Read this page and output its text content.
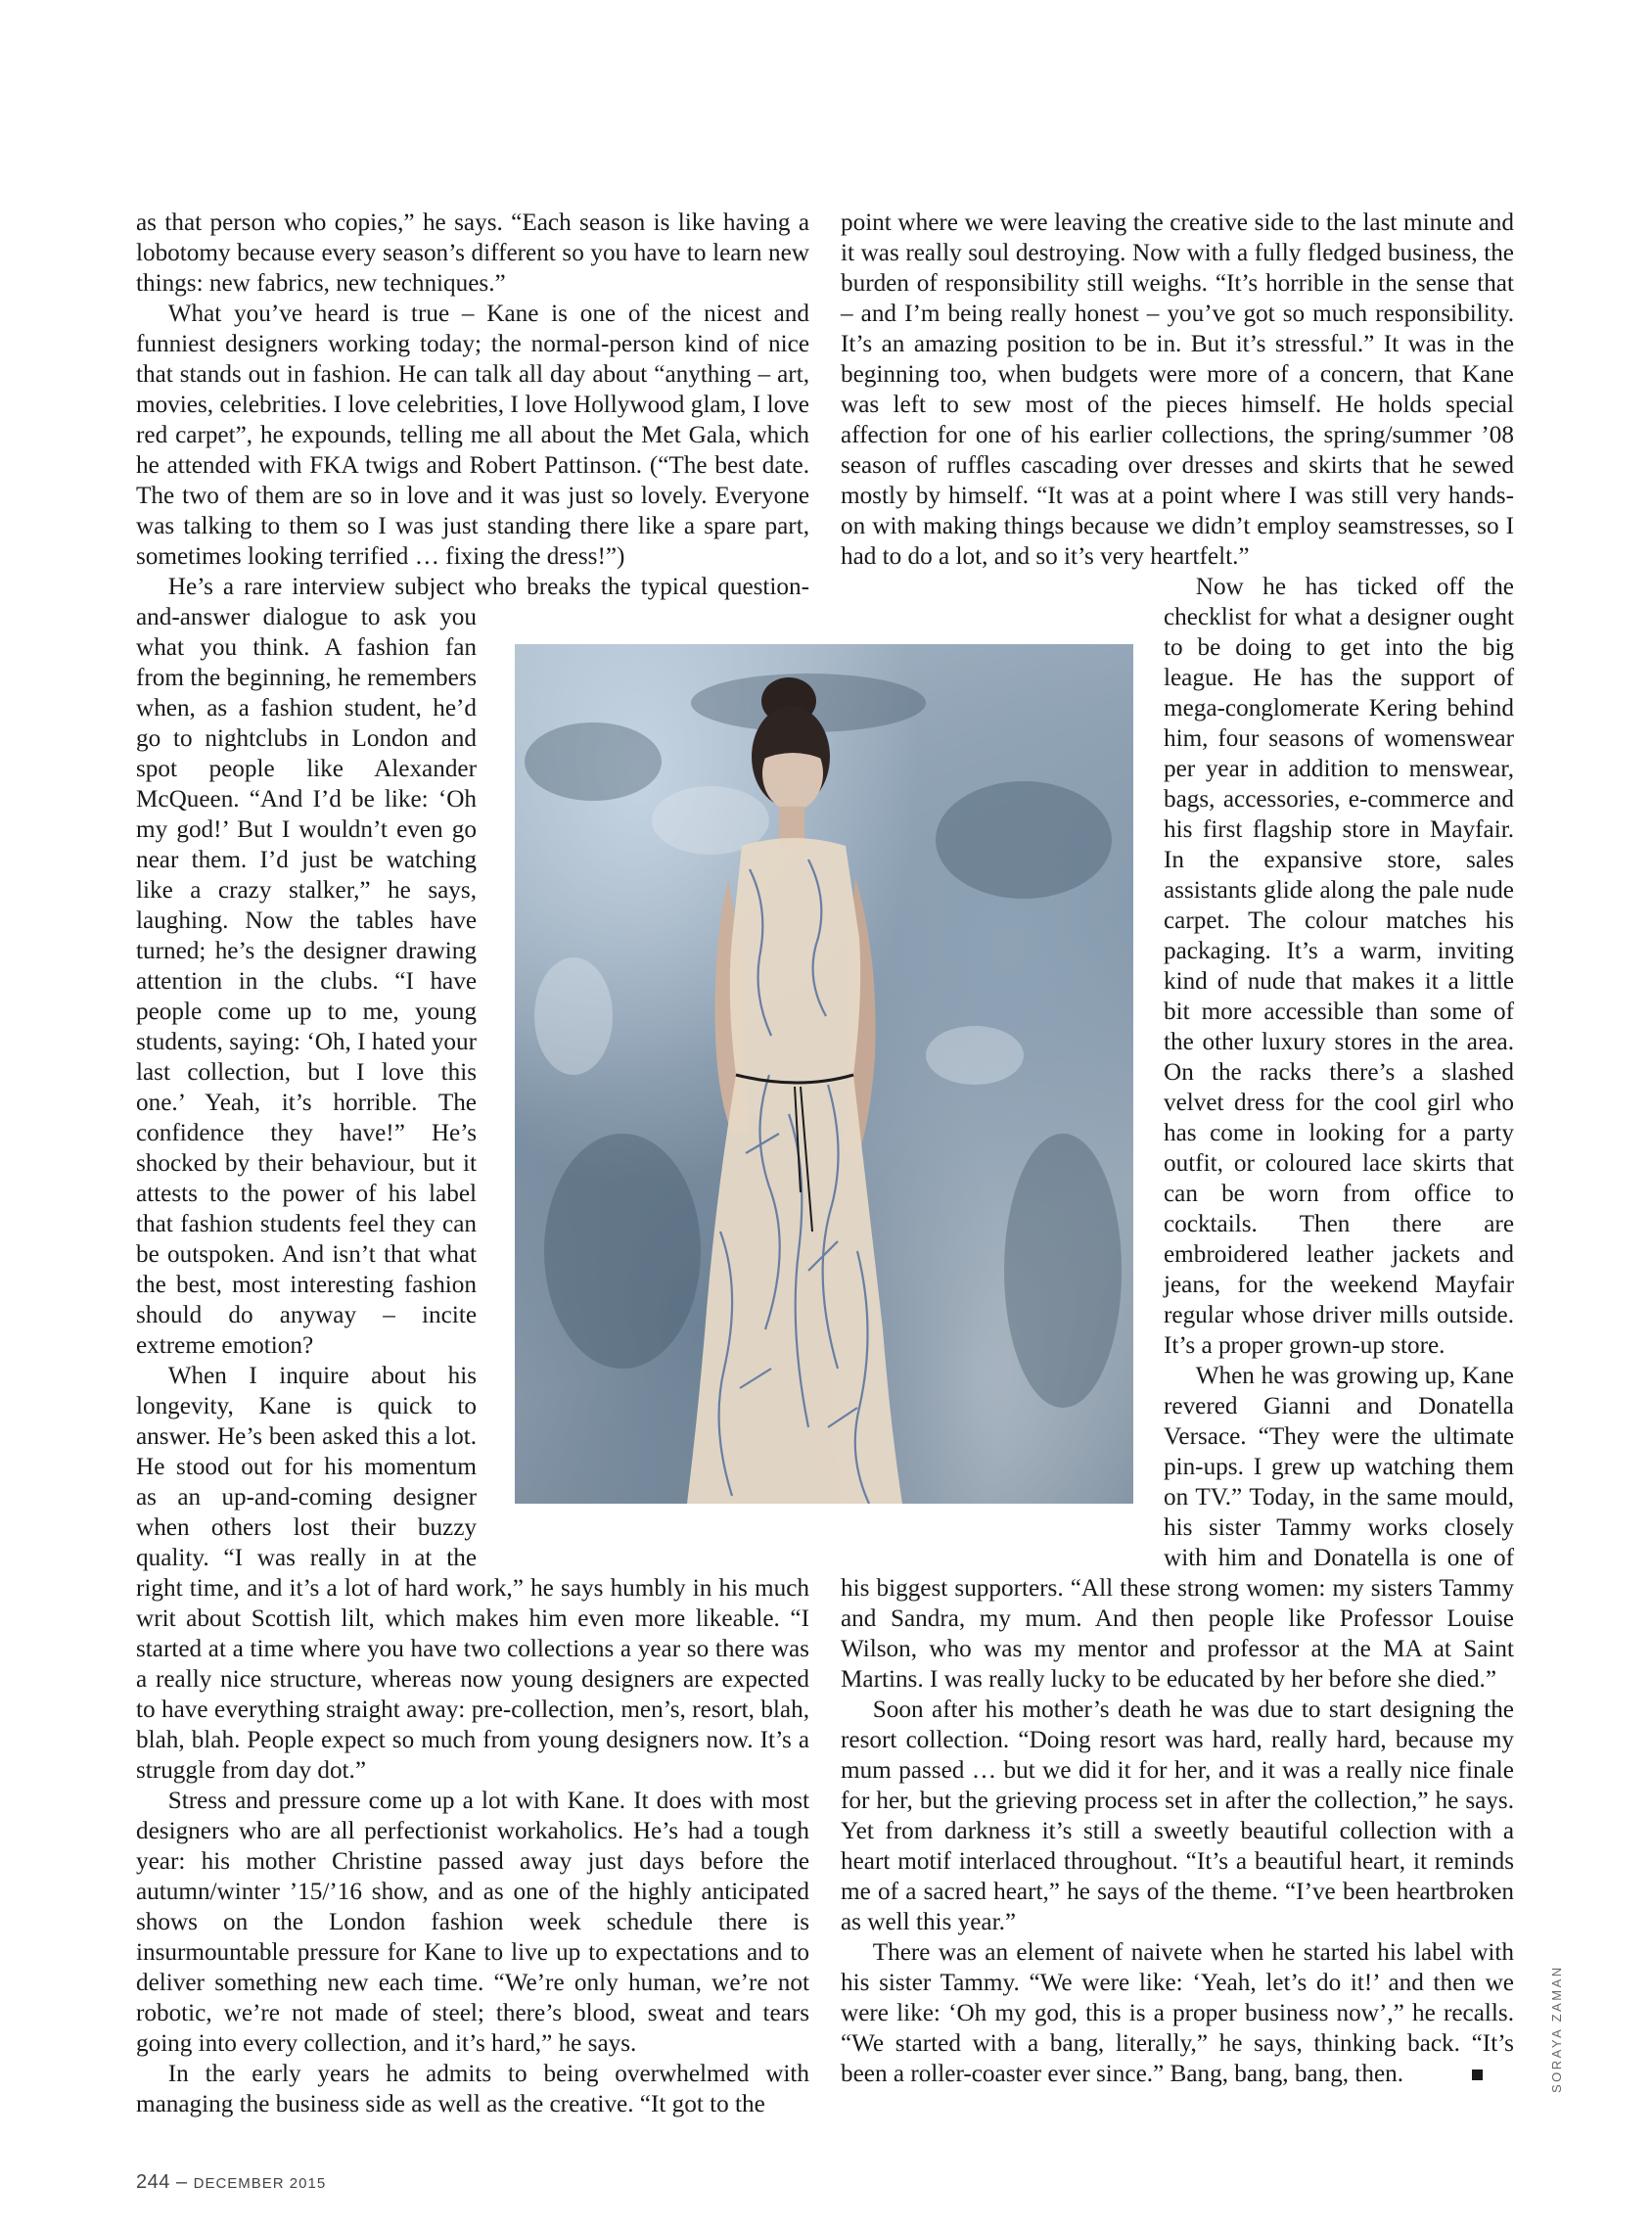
as that person who copies,” he says. “Each season is like having a lobotomy because every season’s different so you have to learn new things: new fabrics, new techniques.”

What you’ve heard is true – Kane is one of the nicest and funniest designers working today; the normal-person kind of nice that stands out in fashion. He can talk all day about “anything – art, movies, celebrities. I love celebrities, I love Hollywood glam, I love red carpet”, he expounds, telling me all about the Met Gala, which he attended with FKA twigs and Robert Pattinson. (“The best date. The two of them are so in love and it was just so lovely. Everyone was talking to them so I was just standing there like a spare part, sometimes looking terrified … fixing the dress!”)

He’s a rare interview subject who breaks the typical question-and-answer dialogue to ask you what you think. A fashion fan from the beginning, he remembers when, as a fashion student, he’d go to nightclubs in London and spot people like Alexander McQueen. “And I’d be like: ‘Oh my god!’ But I wouldn’t even go near them. I’d just be watching like a crazy stalker,” he says, laughing. Now the tables have turned; he’s the designer drawing attention in the clubs. “I have people come up to me, young students, saying: ‘Oh, I hated your last collection, but I love this one.’ Yeah, it’s horrible. The confidence they have!” He’s shocked by their behaviour, but it attests to the power of his label that fashion students feel they can be outspoken. And isn’t that what the best, most interesting fashion should do anyway – incite extreme emotion?

When I inquire about his longevity, Kane is quick to answer. He’s been asked this a lot. He stood out for his momentum as an up-and-coming designer when others lost their buzzy quality. “I was really in at the right time, and it’s a lot of hard work,” he says humbly in his much writ about Scottish lilt, which makes him even more likeable. “I started at a time where you have two collections a year so there was a really nice structure, whereas now young designers are expected to have everything straight away: pre-collection, men’s, resort, blah, blah, blah. People expect so much from young designers now. It’s a struggle from day dot.”

Stress and pressure come up a lot with Kane. It does with most designers who are all perfectionist workaholics. He’s had a tough year: his mother Christine passed away just days before the autumn/winter ’15/’16 show, and as one of the highly anticipated shows on the London fashion week schedule there is insurmountable pressure for Kane to live up to expectations and to deliver something new each time. “We’re only human, we’re not robotic, we’re not made of steel; there’s blood, sweat and tears going into every collection, and it’s hard,” he says.

In the early years he admits to being overwhelmed with managing the business side as well as the creative. “It got to the

point where we were leaving the creative side to the last minute and it was really soul destroying. Now with a fully fledged business, the burden of responsibility still weighs. “It’s horrible in the sense that – and I’m being really honest – you’ve got so much responsibility. It’s an amazing position to be in. But it’s stressful.” It was in the beginning too, when budgets were more of a concern, that Kane was left to sew most of the pieces himself. He holds special affection for one of his earlier collections, the spring/summer ’08 season of ruffles cascading over dresses and skirts that he sewed mostly by himself. “It was at a point where I was still very hands-on with making things because we didn’t employ seamstresses, so I had to do a lot, and so it’s very heartfelt.”

Now he has ticked off the checklist for what a designer ought to be doing to get into the big league. He has the support of mega-conglomerate Kering behind him, four seasons of womenswear per year in addition to menswear, bags, accessories, e-commerce and his first flagship store in Mayfair. In the expansive store, sales assistants glide along the pale nude carpet. The colour matches his packaging. It’s a warm, inviting kind of nude that makes it a little bit more accessible than some of the other luxury stores in the area. On the racks there’s a slashed velvet dress for the cool girl who has come in looking for a party outfit, or coloured lace skirts that can be worn from office to cocktails. Then there are embroidered leather jackets and jeans, for the weekend Mayfair regular whose driver mills outside. It’s a proper grown-up store.

When he was growing up, Kane revered Gianni and Donatella Versace. “They were the ultimate pin-ups. I grew up watching them on TV.” Today, in the same mould, his sister Tammy works closely with him and Donatella is one of his biggest supporters. “All these strong women: my sisters Tammy and Sandra, my mum. And then people like Professor Louise Wilson, who was my mentor and professor at the MA at Saint Martins. I was really lucky to be educated by her before she died.”

Soon after his mother’s death he was due to start designing the resort collection. “Doing resort was hard, really hard, because my mum passed … but we did it for her, and it was a really nice finale for her, but the grieving process set in after the collection,” he says. Yet from darkness it’s still a sweetly beautiful collection with a heart motif interlaced throughout. “It’s a beautiful heart, it reminds me of a sacred heart,” he says of the theme. “I’ve been heartbroken as well this year.”

There was an element of naivete when he started his label with his sister Tammy. “We were like: ‘Yeah, let’s do it!’ and then we were like: ‘Oh my god, this is a proper business now’,” he recalls. “We started with a bang, literally,” he says, thinking back. “It’s been a roller-coaster ever since.” Bang, bang, bang, then.	SORAYA ZAMAN
244 – DECEMBER 2015
